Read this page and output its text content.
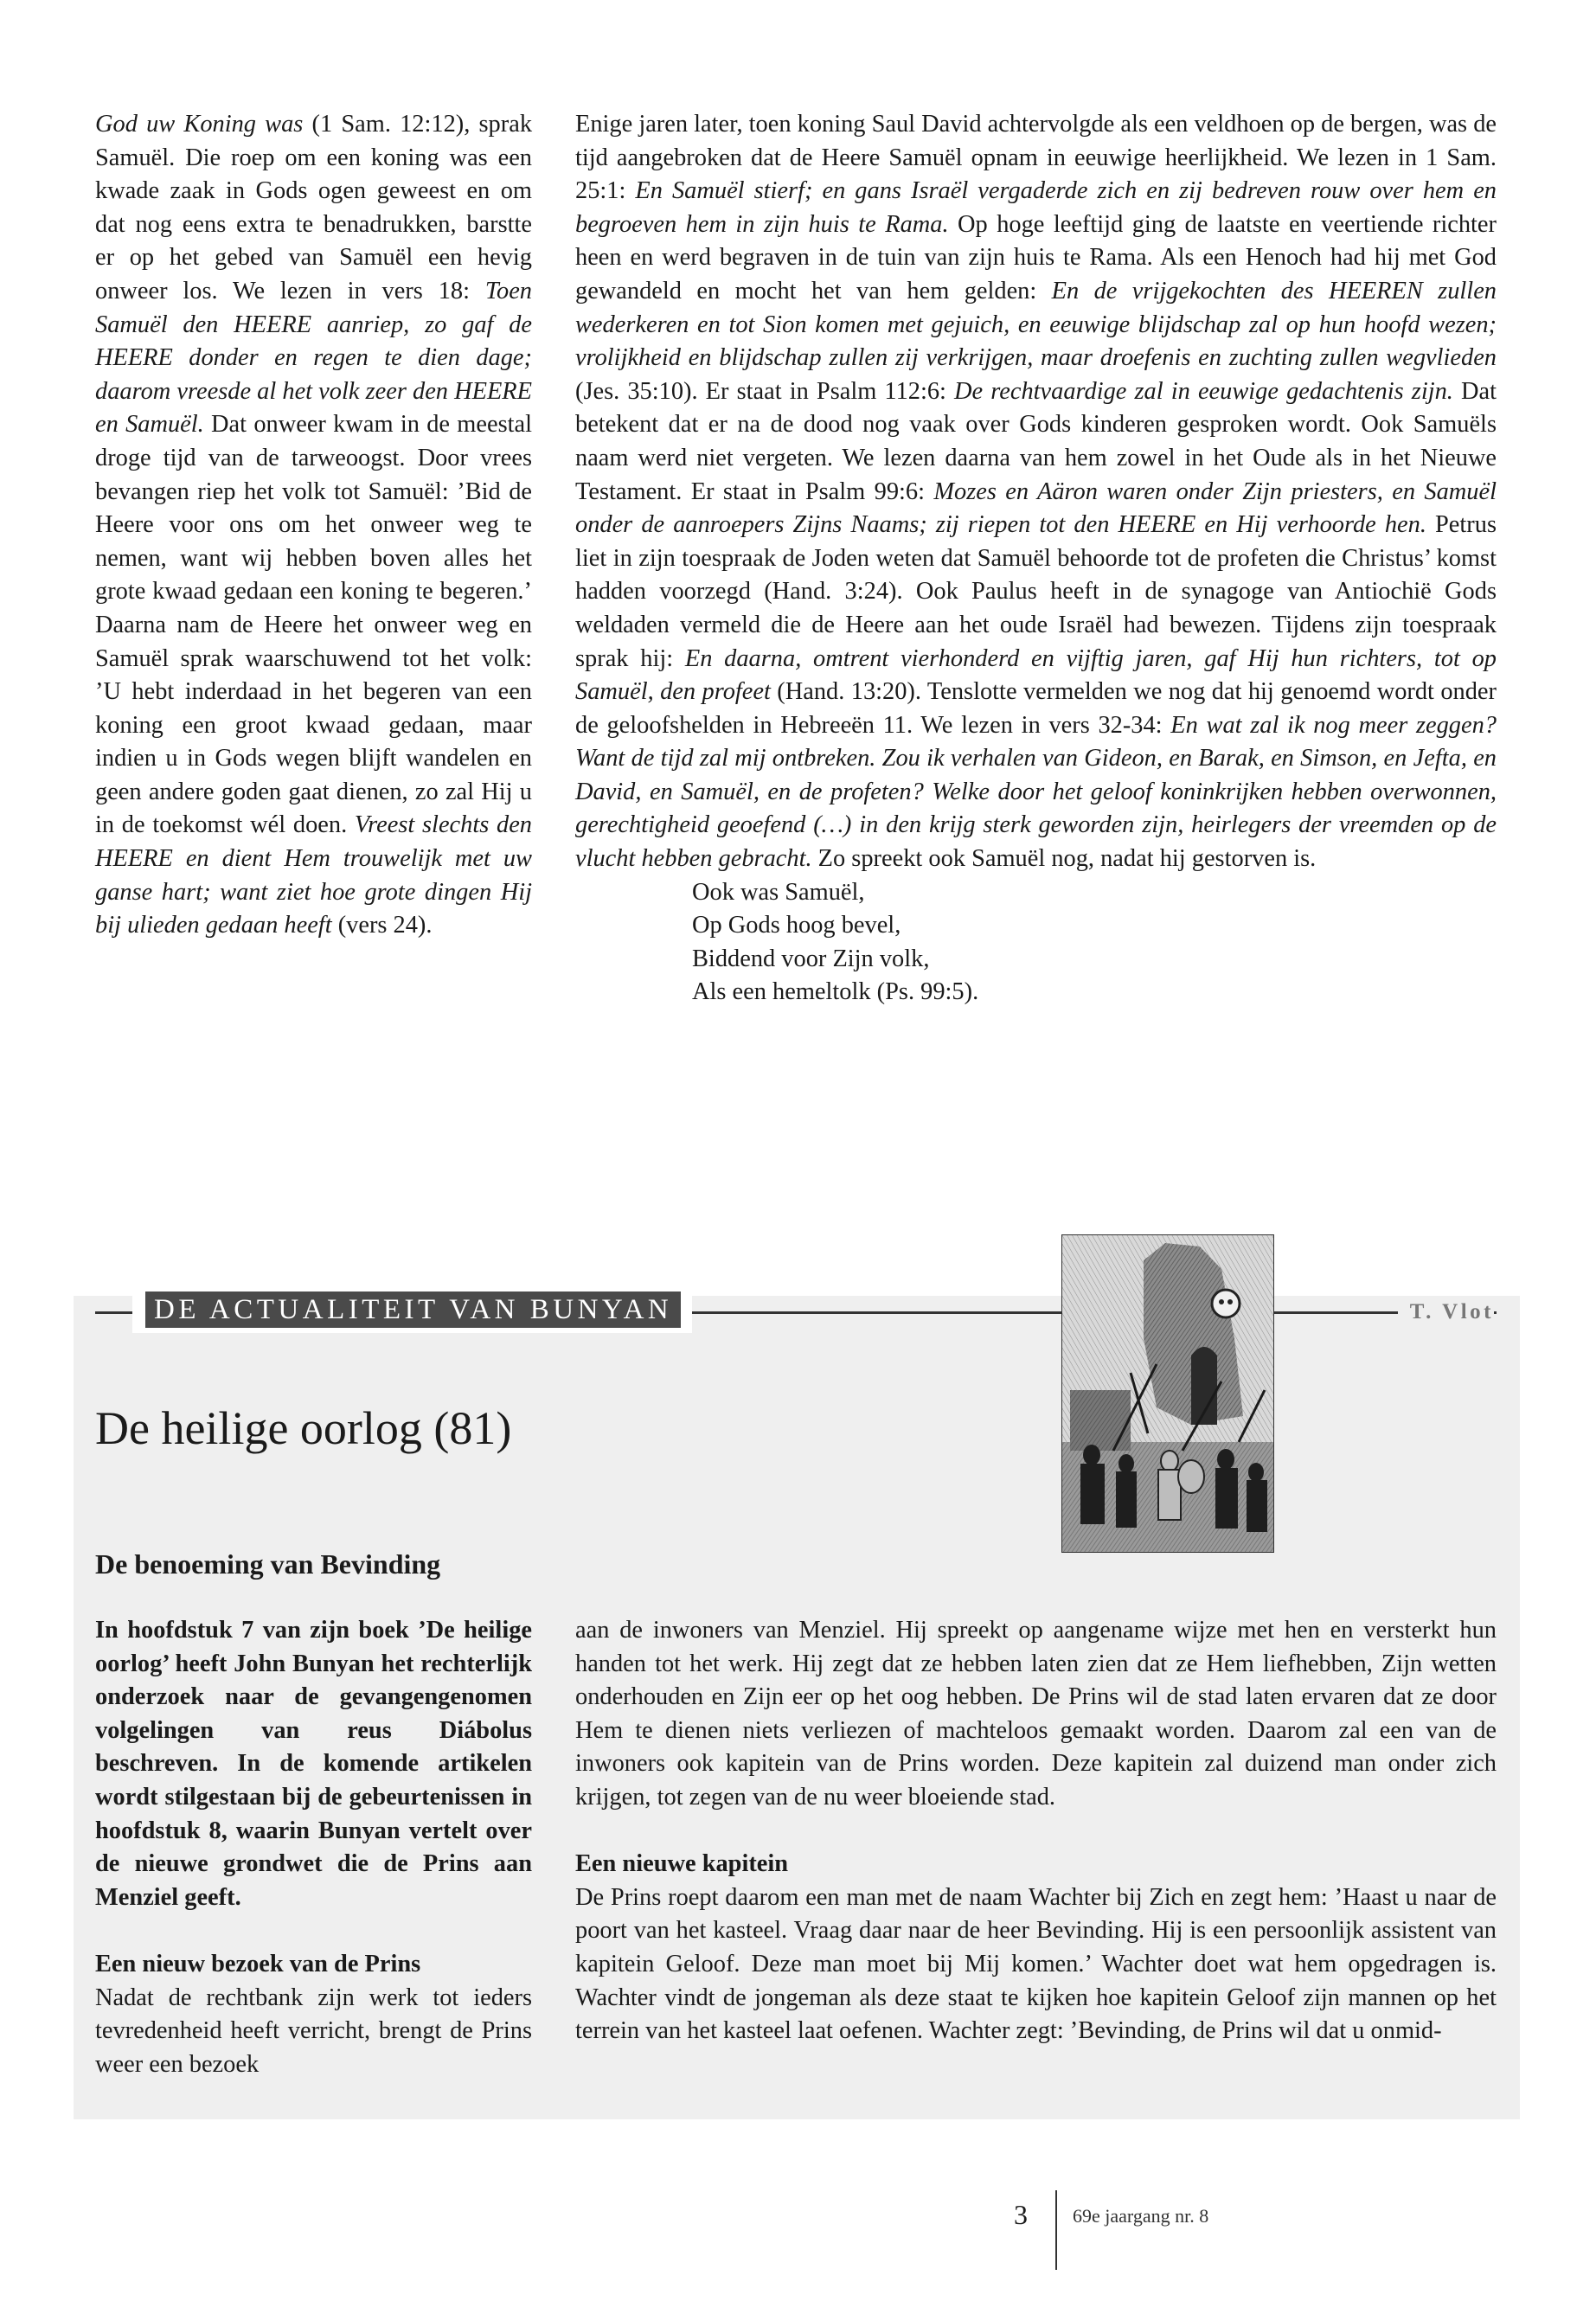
God uw Koning was (1 Sam. 12:12), sprak Samuël. Die roep om een koning was een kwade zaak in Gods ogen geweest en om dat nog eens extra te benadrukken, barstte er op het gebed van Samuël een hevig onweer los. We lezen in vers 18: Toen Samuël den HEERE aanriep, zo gaf de HEERE donder en regen te dien dage; daarom vreesde al het volk zeer den HEERE en Samuël. Dat onweer kwam in de meestal droge tijd van de tarweoogst. Door vrees bevangen riep het volk tot Samuël: ’Bid de Heere voor ons om het onweer weg te nemen, want wij hebben boven alles het grote kwaad gedaan een koning te begeren.’ Daarna nam de Heere het onweer weg en Samuël sprak waarschuwend tot het volk: ’U hebt inderdaad in het begeren van een koning een groot kwaad gedaan, maar indien u in Gods wegen blijft wandelen en geen andere goden gaat dienen, zo zal Hij u in de toekomst wél doen. Vreest slechts den HEERE en dient Hem trouwelijk met uw ganse hart; want ziet hoe grote dingen Hij bij ulieden gedaan heeft (vers 24).

Enige jaren later, toen koning Saul David achtervolgde als een veldhoen op de bergen, was de tijd aangebroken dat de Heere Samuël opnam in eeuwige heerlijkheid. We lezen in 1 Sam. 25:1: En Samuël stierf; en gans Israël vergaderde zich en zij bedreven rouw over hem en begroeven hem in zijn huis te Rama. Op hoge leeftijd ging de laatste en veertiende richter heen en werd begraven in de tuin van zijn huis te Rama. Als een Henoch had hij met God gewandeld en mocht het van hem gelden: En de vrijgekochten des HEEREN zullen wederkeren en tot Sion komen met gejuich, en eeuwige blijdschap zal op hun hoofd wezen; vrolijkheid en blijdschap zullen zij verkrijgen, maar droefenis en zuchting zullen wegvlieden (Jes. 35:10). Er staat in Psalm 112:6: De rechtvaardige zal in eeuwige gedachtenis zijn. Dat betekent dat er na de dood nog vaak over Gods kinderen gesproken wordt. Ook Samuëls naam werd niet vergeten. We lezen daarna van hem zowel in het Oude als in het Nieuwe Testament. Er staat in Psalm 99:6: Mozes en Aäron waren onder Zijn priesters, en Samuël onder de aanroepers Zijns Naams; zij riepen tot den HEERE en Hij verhoorde hen. Petrus liet in zijn toespraak de Joden weten dat Samuël behoorde tot de profeten die Christus’ komst hadden voorzegd (Hand. 3:24). Ook Paulus heeft in de synagoge van Antiochië Gods weldaden vermeld die de Heere aan het oude Israël had bewezen. Tijdens zijn toespraak sprak hij: En daarna, omtrent vierhonderd en vijftig jaren, gaf Hij hun richters, tot op Samuël, den profeet (Hand. 13:20). Tenslotte vermelden we nog dat hij genoemd wordt onder de geloofshelden in Hebreeën 11. We lezen in vers 32-34: En wat zal ik nog meer zeggen? Want de tijd zal mij ontbreken. Zou ik verhalen van Gideon, en Barak, en Simson, en Jefta, en David, en Samuël, en de profeten? Welke door het geloof koninkrijken hebben overwonnen, gerechtigheid geoefend (…) in den krijg sterk geworden zijn, heirlegers der vreemden op de vlucht hebben gebracht. Zo spreekt ook Samuël nog, nadat hij gestorven is.

Ook was Samuël,
Op Gods hoog bevel,
Biddend voor Zijn volk,
Als een hemeltolk (Ps. 99:5).
DE ACTUALITEIT VAN BUNYAN	T. Vlot
De heilige oorlog (81)
De benoeming van Bevinding

In hoofdstuk 7 van zijn boek ’De heilige oorlog’ heeft John Bunyan het rechterlijk onderzoek naar de gevangengenomen volgelingen van reus Diábolus beschreven. In de komende artikelen wordt stilgestaan bij de gebeurtenissen in hoofdstuk 8, waarin Bunyan vertelt over de nieuwe grondwet die de Prins aan Menziel geeft.

Een nieuw bezoek van de Prins

Nadat de rechtbank zijn werk tot ieders tevredenheid heeft verricht, brengt de Prins weer een bezoek

aan de inwoners van Menziel. Hij spreekt op aangename wijze met hen en versterkt hun handen tot het werk. Hij zegt dat ze hebben laten zien dat ze Hem liefhebben, Zijn wetten onderhouden en Zijn eer op het oog hebben. De Prins wil de stad laten ervaren dat ze door Hem te dienen niets verliezen of machteloos gemaakt worden. Daarom zal een van de inwoners ook kapitein van de Prins worden. Deze kapitein zal duizend man onder zich krijgen, tot zegen van de nu weer bloeiende stad.

Een nieuwe kapitein

De Prins roept daarom een man met de naam Wachter bij Zich en zegt hem: ’Haast u naar de poort van het kasteel. Vraag daar naar de heer Bevinding. Hij is een persoonlijk assistent van kapitein Geloof. Deze man moet bij Mij komen.’ Wachter doet wat hem opgedragen is. Wachter vindt de jongeman als deze staat te kijken hoe kapitein Geloof zijn mannen op het terrein van het kasteel laat oefenen. Wachter zegt: ’Bevinding, de Prins wil dat u onmid-

3 69e jaargang nr. 8
